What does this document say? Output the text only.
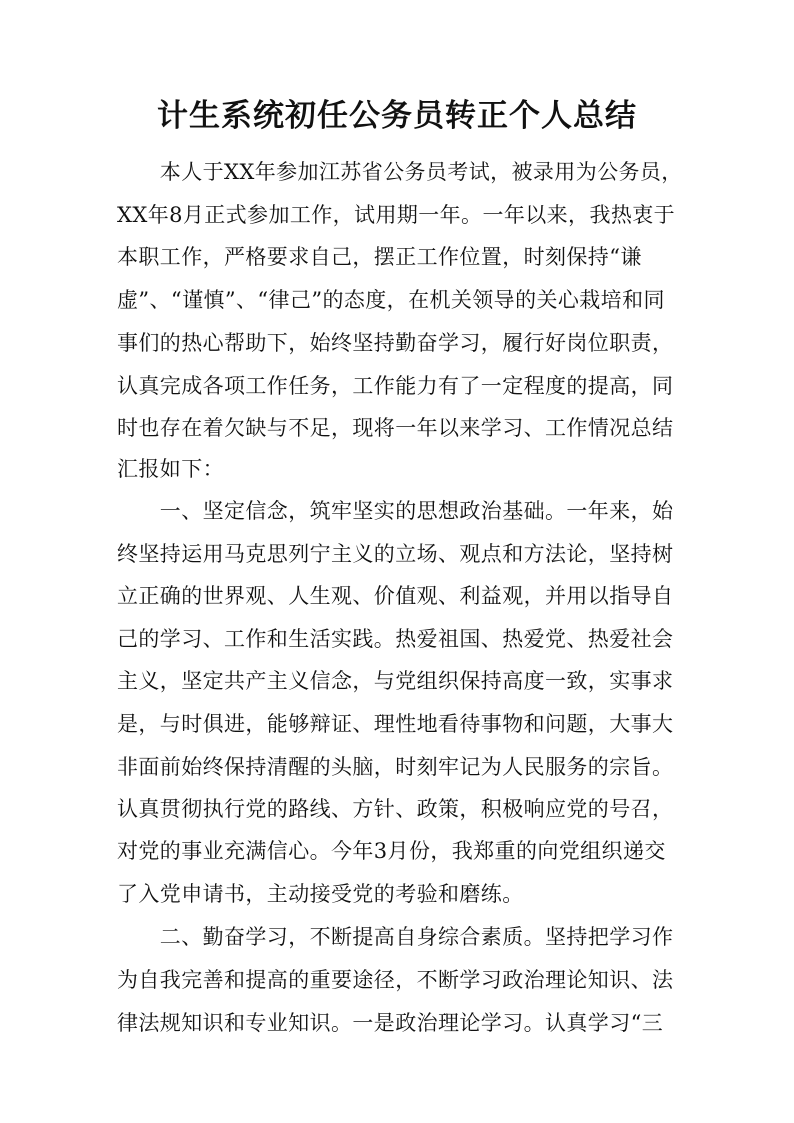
计生系统初任公务员转正个人总结
　　本人于XX年参加江苏省公务员考试，被录用为公务员，
XX年8月正式参加工作，试用期一年。一年以来，我热衷于
本职工作，严格要求自己，摆正工作位置，时刻保持“谦
虚”、“谨慎”、“律己”的态度，在机关领导的关心栽培和同
事们的热心帮助下，始终坚持勤奋学习，履行好岗位职责，
认真完成各项工作任务，工作能力有了一定程度的提高，同
时也存在着欠缺与不足，现将一年以来学习、工作情况总结
汇报如下：
　　一、坚定信念，筑牢坚实的思想政治基础。一年来，始
终坚持运用马克思列宁主义的立场、观点和方法论，坚持树
立正确的世界观、人生观、价值观、利益观，并用以指导自
己的学习、工作和生活实践。热爱祖国、热爱党、热爱社会
主义，坚定共产主义信念，与党组织保持高度一致，实事求
是，与时俱进，能够辩证、理性地看待事物和问题，大事大
非面前始终保持清醒的头脑，时刻牢记为人民服务的宗旨。
认真贯彻执行党的路线、方针、政策，积极响应党的号召，
对党的事业充满信心。今年3月份，我郑重的向党组织递交
了入党申请书，主动接受党的考验和磨练。
　　二、勤奋学习，不断提高自身综合素质。坚持把学习作
为自我完善和提高的重要途径，不断学习政治理论知识、法
律法规知识和专业知识。一是政治理论学习。认真学习“三
